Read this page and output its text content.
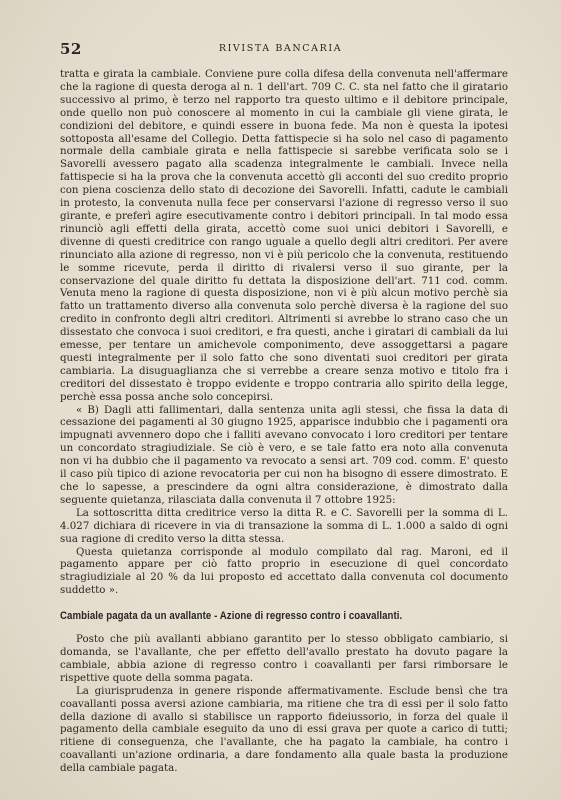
52	RIVISTA BANCARIA

tratta e girata la cambiale. Conviene pure colla difesa della convenuta nell'affermare che la ragione di questa deroga al n. 1 dell'art. 709 C. C. sta nel fatto che il giratario successivo al primo, è terzo nel rapporto tra questo ultimo e il debitore principale, onde quello non può conoscere al momento in cui la cambiale gli viene girata, le condizioni del debitore, e quindi essere in buona fede. Ma non è questa la ipotesi sottoposta all'esame del Collegio. Detta fattispecie si ha solo nel caso di pagamento normale della cambiale girata e nella fattispecie si sarebbe verificata solo se i Savorelli avessero pagato alla scadenza integralmente le cambiali. Invece nella fattispecie si ha la prova che la convenuta accettò gli acconti del suo credito proprio con piena coscienza dello stato di decozione dei Savorelli. Infatti, cadute le cambiali in protesto, la convenuta nulla fece per conservarsi l'azione di regresso verso il suo girante, e preferì agire esecutivamente contro i debitori principali. In tal modo essa rinunciò agli effetti della girata, accettò come suoi unici debitori i Savorelli, e divenne di questi creditrice con rango uguale a quello degli altri creditori. Per avere rinunciato alla azione di regresso, non vi è più pericolo che la convenuta, restituendo le somme ricevute, perda il diritto di rivalersi verso il suo girante, per la conservazione del quale diritto fu dettata la disposizione dell'art. 711 cod. comm. Venuta meno la ragione di questa disposizione, non vi è più alcun motivo perchè sia fatto un trattamento diverso alla convenuta solo perchè diversa è la ragione del suo credito in confronto degli altri creditori. Altrimenti si avrebbe lo strano caso che un dissestato che convoca i suoi creditori, e fra questi, anche i giratari di cambiali da lui emesse, per tentare un amichevole componimento, deve assoggettarsi a pagare questi integralmente per il solo fatto che sono diventati suoi creditori per girata cambiaria. La disuguaglianza che si verrebbe a creare senza motivo e titolo fra i creditori del dissestato è troppo evidente e troppo contraria allo spirito della legge, perchè essa possa anche solo concepirsi.

« B) Dagli atti fallimentari, dalla sentenza unita agli stessi, che fissa la data di cessazione dei pagamenti al 30 giugno 1925, apparisce indubbio che i pagamenti ora impugnati avvennero dopo che i falliti avevano convocato i loro creditori per tentare un concordato stragiudiziale. Se ciò è vero, e se tale fatto era noto alla convenuta non vi ha dubbio che il pagamento va revocato a sensi art. 709 cod. comm. E' questo il caso più tipico di azione revocatoria per cui non ha bisogno di essere dimostrato. E che lo sapesse, a prescindere da ogni altra considerazione, è dimostrato dalla seguente quietanza, rilasciata dalla convenuta il 7 ottobre 1925:

La sottoscritta ditta creditrice verso la ditta R. e C. Savorelli per la somma di L. 4.027 dichiara di ricevere in via di transazione la somma di L. 1.000 a saldo di ogni sua ragione di credito verso la ditta stessa.

Questa quietanza corrisponde al modulo compilato dal rag. Maroni, ed il pagamento appare per ciò fatto proprio in esecuzione di quel concordato stragiudiziale al 20 % da lui proposto ed accettato dalla convenuta col documento suddetto ».

Cambiale pagata da un avallante - Azione di regresso contro i coavallanti.

Posto che più avallanti abbiano garantito per lo stesso obbligato cambiario, si domanda, se l'avallante, che per effetto dell'avallo prestato ha dovuto pagare la cambiale, abbia azione di regresso contro i coavallanti per farsi rimborsare le rispettive quote della somma pagata.

La giurisprudenza in genere risponde affermativamente. Esclude bensì che tra coavallanti possa aversi azione cambiaria, ma ritiene che tra di essi per il solo fatto della dazione di avallo si stabilisce un rapporto fideiussorio, in forza del quale il pagamento della cambiale eseguito da uno di essi grava per quote a carico di tutti; ritiene di conseguenza, che l'avallante, che ha pagato la cambiale, ha contro i coavallanti un'azione ordinaria, a dare fondamento alla quale basta la produzione della cambiale pagata.
